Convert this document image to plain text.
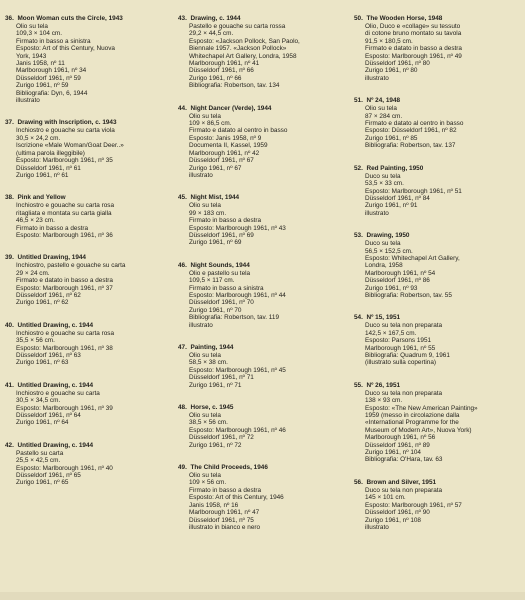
36. Moon Woman cuts the Circle, 1943
Olio su tela
109,3 × 104 cm.
Firmato in basso a sinistra
Esposto: Art of this Century, Nuova
York, 1943
Janis 1958, nº 11
Marlborough 1961, nº 34
Düsseldorf 1961, nº 59
Zurigo 1961, nº 59
Bibliografia: Dyn, 6, 1944
illustrato
37. Drawing with Inscription, c. 1943
Inchiostro e gouache su carta viola
30,5 × 24,2 cm.
Iscrizione «Male Woman/Goat Deer..»
(ultima parola illeggibile)
Esposto: Marlborough 1961, nº 35
Düsseldorf 1961, nº 61
Zurigo 1961, nº 61
38. Pink and Yellow
Inchiostro e gouache su carta rosa
ritagliata e montata su carta gialla
46,5 × 23 cm.
Firmato in basso a destra
Esposto: Marlborough 1961, nº 36
39. Untitled Drawing, 1944
Inchiostro, pastello e gouache su carta
29 × 24 cm.
Firmato e datato in basso a destra
Esposto: Marlborough 1961, nº 37
Düsseldorf 1961, nº 62
Zurigo 1961, nº 62
40. Untitled Drawing, c. 1944
Inchiostro e gouache su carta rosa
35,5 × 56 cm.
Esposto: Marlborough 1961, nº 38
Düsseldorf 1961, nº 63
Zurigo 1961, nº 63
41. Untitled Drawing, c. 1944
Inchiostro e gouache su carta
30,5 × 34,5 cm.
Esposto: Marlborough 1961, nº 39
Düsseldorf 1961, nº 64
Zurigo 1961, nº 64
42. Untitled Drawing, c. 1944
Pastello su carta
25,5 × 42,5 cm.
Esposto: Marlborough 1961, nº 40
Düsseldorf 1961, nº 65
Zurigo 1961, nº 65
43. Drawing, c. 1944
Pastello e gouache su carta rossa
29,2 × 44,5 cm.
Esposto: «Jackson Pollock, San Paolo,
Biennale 1957. «Jackson Pollock»
Whitechapel Art Gallery, Londra, 1958
Marlborough 1961, nº 41
Düsseldorf 1961, nº 66
Zurigo 1961, nº 66
Bibliografia: Robertson, tav. 134
44. Night Dancer (Verde), 1944
Olio su tela
109 × 86,5 cm.
Firmato e datato al centro in basso
Esposto: Janis 1958, nº 9
Documenta II, Kassel, 1959
Marlborough 1961, nº 42
Düsseldorf 1961, nº 67
Zurigo 1961, nº 67
illustrato
45. Night Mist, 1944
Olio su tela
99 × 183 cm.
Firmato in basso a destra
Esposto: Marlborough 1961, nº 43
Düsseldorf 1961, nº 69
Zurigo 1961, nº 69
46. Night Sounds, 1944
Olio e pastello su tela
109,5 × 117 cm.
Firmato in basso a sinistra
Esposto: Marlborough 1961, nº 44
Düsseldorf 1961, nº 70
Zurigo 1961, nº 70
Bibliografia: Robertson, tav. 119
illustrato
47. Painting, 1944
Olio su tela
58,5 × 38 cm.
Esposto: Marlborough 1961, nº 45
Düsseldorf 1961, nº 71
Zurigo 1961, nº 71
48. Horse, c. 1945
Olio su tela
38,5 × 56 cm.
Esposto: Marlborough 1961, nº 46
Düsseldorf 1961, nº 72
Zurigo 1961, nº 72
49. The Child Proceeds, 1946
Olio su tela
109 × 56 cm.
Firmato in basso a destra
Esposto: Art of this Century, 1946
Janis 1958, nº 16
Marlborough 1961, nº 47
Düsseldorf 1961, nº 75
illustrato in bianco e nero
50. The Wooden Horse, 1948
Olio, Duco e «collage» su tessuto
di cotone bruno montato su tavola
91,5 × 180,5 cm.
Firmato e datato in basso a destra
Esposto: Marlborough 1961, nº 49
Düsseldorf 1961, nº 80
Zurigo 1961, nº 80
illustrato
51. Nº 24, 1948
Olio su tela
87 × 284 cm.
Firmato e datato al centro in basso
Esposto: Düsseldorf 1961, nº 82
Zurigo 1961, nº 85
Bibliografia: Robertson, tav. 137
52. Red Painting, 1950
Duco su tela
53,5 × 33 cm.
Esposto: Marlborough 1961, nº 51
Düsseldorf 1961, nº 84
Zurigo 1961, nº 91
illustrato
53. Drawing, 1950
Duco su tela
56,5 × 152,5 cm.
Esposto: Whitechapel Art Gallery,
Londra, 1958
Marlborough 1961, nº 54
Düsseldorf 1961, nº 86
Zurigo 1961, nº 93
Bibliografia: Robertson, tav. 55
54. Nº 15, 1951
Duco su tela non preparata
142,5 × 167,5 cm.
Esposto: Parsons 1951
Marlborough 1961, nº 55
Bibliografia: Quadrum 9, 1961
(illustrato sulla copertina)
55. Nº 26, 1951
Duco su tela non preparata
138 × 93 cm.
Esposto: «The New American Painting»
1959 (messo in circolazione dalla
«International Programme for the
Museum of Modern Art», Nuova York)
Marlborough 1961, nº 56
Düsseldorf 1961, nº 89
Zurigo 1961, nº 104
Bibliografia: O'Hara, tav. 63
56. Brown and Silver, 1951
Duco su tela non preparata
145 × 101 cm.
Esposto: Marlborough 1961, nº 57
Düsseldorf 1961, nº 90
Zurigo 1961, nº 108
illustrato
